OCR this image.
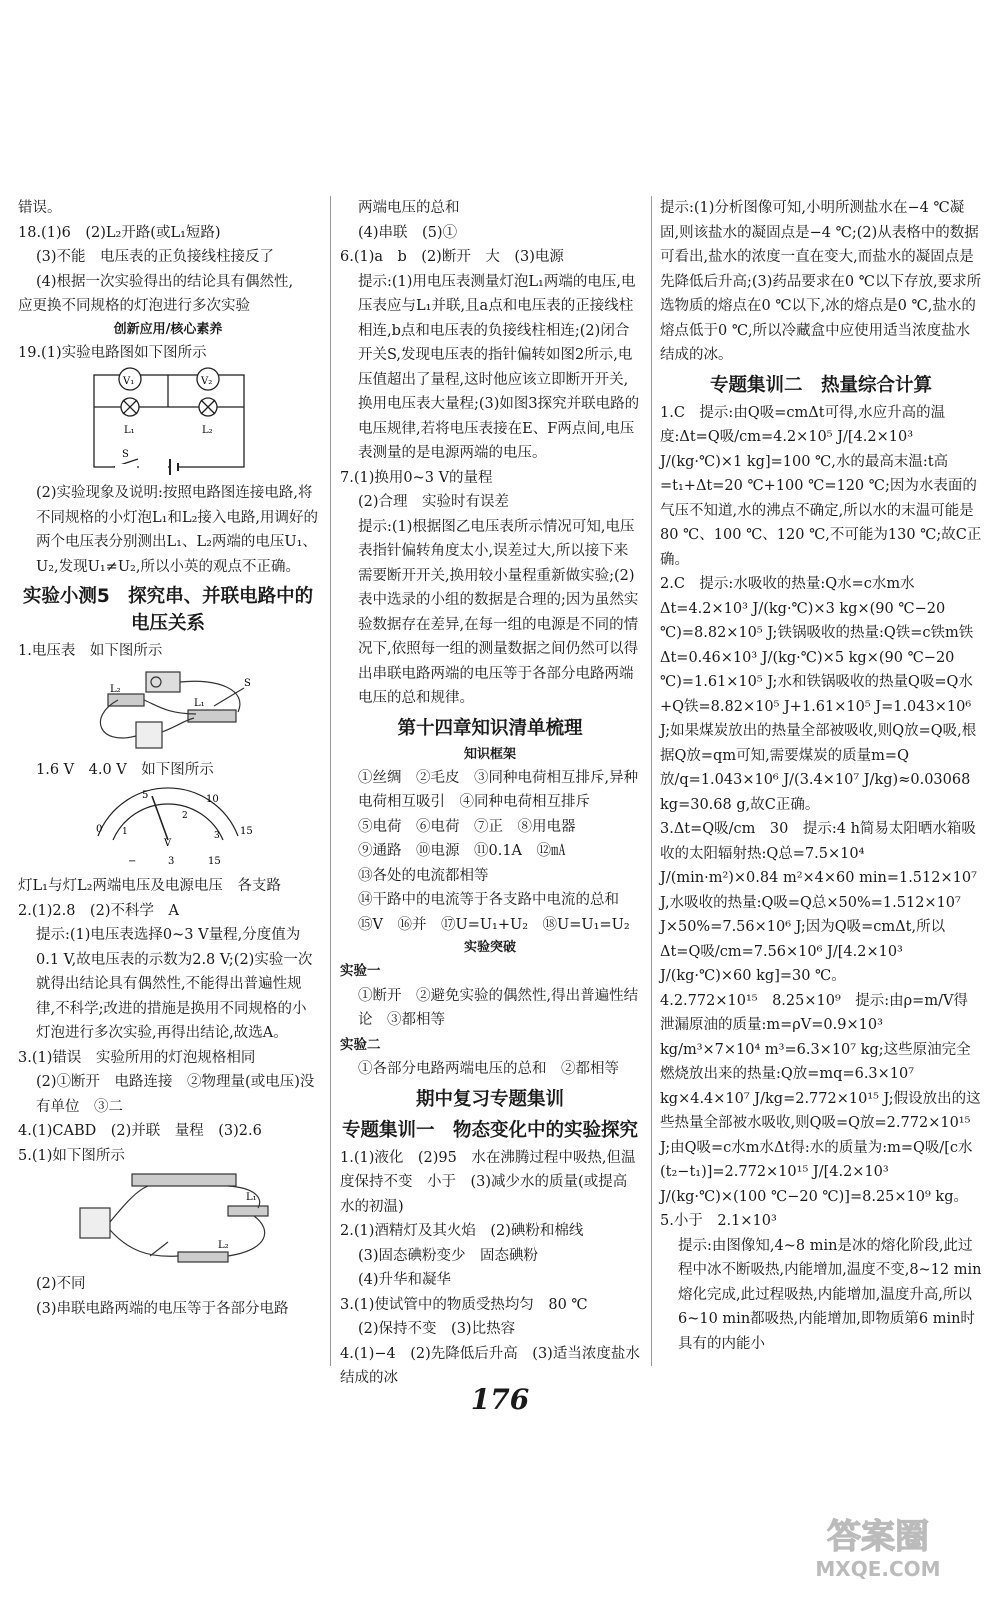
错误。

18.(1)6　(2)L₂开路(或L₁短路)

(3)不能　电压表的正负接线柱接反了

(4)根据一次实验得出的结论具有偶然性,

应更换不同规格的灯泡进行多次实验

创新应用/核心素养

19.(1)实验电路图如下图所示

V₁	V₂
L₁	L₂
S

(2)实验现象及说明:按照电路图连接电路,将不同规格的小灯泡L₁和L₂接入电路,用调好的两个电压表分别测出L₁、L₂两端的电压U₁、U₂,发现U₁≠U₂,所以小英的观点不正确。

实验小测5　探究串、并联电路中的电压关系

1.电压表　如下图所示

L₂
L₁
S

1.6 V　4.0 V　如下图所示

0
5	10
15
1
2
3
V
−	3	15

灯L₁与灯L₂两端电压及电源电压　各支路

2.(1)2.8　(2)不科学　A

提示:(1)电压表选择0~3 V量程,分度值为0.1 V,故电压表的示数为2.8 V;(2)实验一次就得出结论具有偶然性,不能得出普遍性规律,不科学;改进的措施是换用不同规格的小灯泡进行多次实验,再得出结论,故选A。

3.(1)错误　实验所用的灯泡规格相同

(2)①断开　电路连接　②物理量(或电压)没有单位　③二

4.(1)CABD　(2)并联　量程　(3)2.6

5.(1)如下图所示

L₁
L₂

(2)不同

(3)串联电路两端的电压等于各部分电路

两端电压的总和

(4)串联　(5)①

6.(1)a　b　(2)断开　大　(3)电源

提示:(1)用电压表测量灯泡L₁两端的电压,电压表应与L₁并联,且a点和电压表的正接线柱相连,b点和电压表的负接线柱相连;(2)闭合开关S,发现电压表的指针偏转如图2所示,电压值超出了量程,这时他应该立即断开开关,换用电压表大量程;(3)如图3探究并联电路的电压规律,若将电压表接在E、F两点间,电压表测量的是电源两端的电压。

7.(1)换用0~3 V的量程

(2)合理　实验时有误差

提示:(1)根据图乙电压表所示情况可知,电压表指针偏转角度太小,误差过大,所以接下来需要断开开关,换用较小量程重新做实验;(2)表中选录的小组的数据是合理的;因为虽然实验数据存在差异,在每一组的电源是不同的情况下,依照每一组的测量数据之间仍然可以得出串联电路两端的电压等于各部分电路两端电压的总和规律。

第十四章知识清单梳理
知识框架

①丝绸　②毛皮　③同种电荷相互排斥,异种电荷相互吸引　④同种电荷相互排斥

⑤电荷　⑥电荷　⑦正　⑧用电器

⑨通路　⑩电源　⑪0.1A　⑫㎃

⑬各处的电流都相等

⑭干路中的电流等于各支路中电流的总和

⑮V　⑯并　⑰U=U₁+U₂　⑱U=U₁=U₂

实验突破

实验一

①断开　②避免实验的偶然性,得出普遍性结论　③都相等

实验二

①各部分电路两端电压的总和　②都相等

期中复习专题集训
专题集训一　物态变化中的实验探究

1.(1)液化　(2)95　水在沸腾过程中吸热,但温度保持不变　小于　(3)减少水的质量(或提高水的初温)

2.(1)酒精灯及其火焰　(2)碘粉和棉线

(3)固态碘粉变少　固态碘粉

(4)升华和凝华

3.(1)使试管中的物质受热均匀　80 ℃

(2)保持不变　(3)比热容

4.(1)−4　(2)先降低后升高　(3)适当浓度盐水结成的冰

提示:(1)分析图像可知,小明所测盐水在−4 ℃凝固,则该盐水的凝固点是−4 ℃;(2)从表格中的数据可看出,盐水的浓度一直在变大,而盐水的凝固点是先降低后升高;(3)药品要求在0 ℃以下存放,要求所选物质的熔点在0 ℃以下,冰的熔点是0 ℃,盐水的熔点低于0 ℃,所以冷藏盒中应使用适当浓度盐水结成的冰。

专题集训二　热量综合计算

1.C　提示:由Q吸=cmΔt可得,水应升高的温度:Δt=Q吸/cm=4.2×10⁵ J/[4.2×10³ J/(kg·℃)×1 kg]=100 ℃,水的最高末温:t高=t₁+Δt=20 ℃+100 ℃=120 ℃;因为水表面的气压不知道,水的沸点不确定,所以水的末温可能是80 ℃、100 ℃、120 ℃,不可能为130 ℃;故C正确。

2.C　提示:水吸收的热量:Q水=c水m水Δt=4.2×10³ J/(kg·℃)×3 kg×(90 ℃−20 ℃)=8.82×10⁵ J;铁锅吸收的热量:Q铁=c铁m铁Δt=0.46×10³ J/(kg·℃)×5 kg×(90 ℃−20 ℃)=1.61×10⁵ J;水和铁锅吸收的热量Q吸=Q水+Q铁=8.82×10⁵ J+1.61×10⁵ J=1.043×10⁶ J;如果煤炭放出的热量全部被吸收,则Q放=Q吸,根据Q放=qm可知,需要煤炭的质量m=Q放/q=1.043×10⁶ J/(3.4×10⁷ J/kg)≈0.03068 kg=30.68 g,故C正确。

3.Δt=Q吸/cm　30　提示:4 h简易太阳晒水箱吸收的太阳辐射热:Q总=7.5×10⁴ J/(min·m²)×0.84 m²×4×60 min=1.512×10⁷ J,水吸收的热量:Q吸=Q总×50%=1.512×10⁷ J×50%=7.56×10⁶ J;因为Q吸=cmΔt,所以Δt=Q吸/cm=7.56×10⁶ J/[4.2×10³ J/(kg·℃)×60 kg]=30 ℃。

4.2.772×10¹⁵　8.25×10⁹　提示:由ρ=m/V得泄漏原油的质量:m=ρV=0.9×10³ kg/m³×7×10⁴ m³=6.3×10⁷ kg;这些原油完全燃烧放出来的热量:Q放=mq=6.3×10⁷ kg×4.4×10⁷ J/kg=2.772×10¹⁵ J;假设放出的这些热量全部被水吸收,则Q吸=Q放=2.772×10¹⁵ J;由Q吸=c水m水Δt得:水的质量为:m=Q吸/[c水(t₂−t₁)]=2.772×10¹⁵ J/[4.2×10³ J/(kg·℃)×(100 ℃−20 ℃)]=8.25×10⁹ kg。

5.小于　2.1×10³

提示:由图像知,4~8 min是冰的熔化阶段,此过程中冰不断吸热,内能增加,温度不变,8~12 min熔化完成,此过程吸热,内能增加,温度升高,所以6~10 min都吸热,内能增加,即物质第6 min时具有的内能小

176
答案圈
MXQE.COM
